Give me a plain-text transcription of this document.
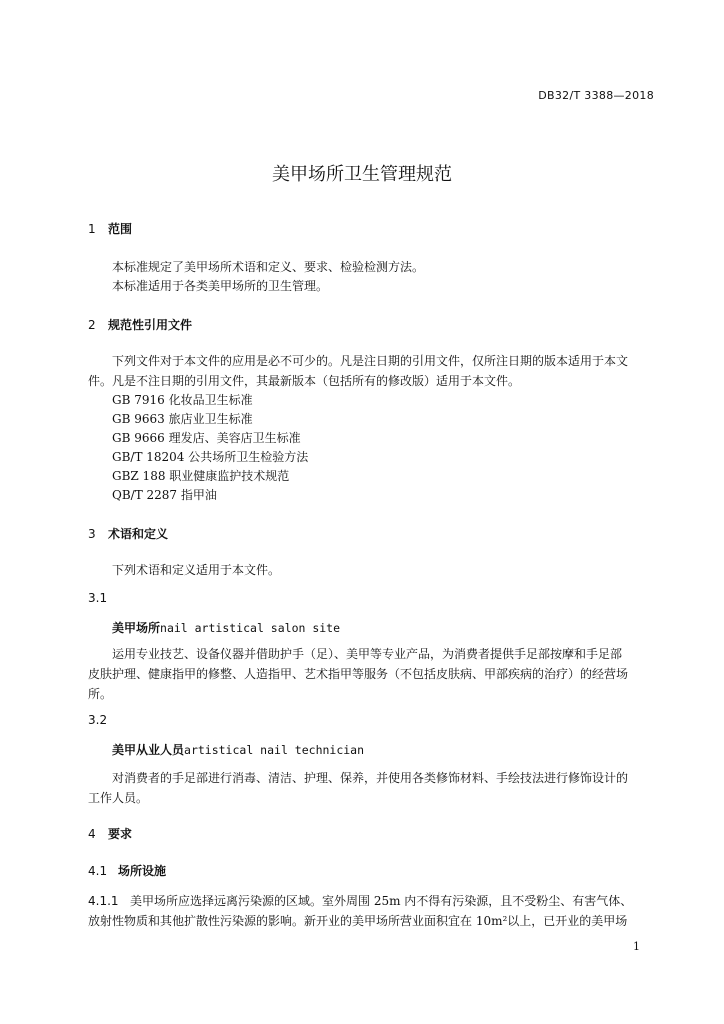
DB32/T 3388—2018
美甲场所卫生管理规范
1 范围
本标准规定了美甲场所术语和定义、要求、检验检测方法。
本标准适用于各类美甲场所的卫生管理。
2 规范性引用文件
下列文件对于本文件的应用是必不可少的。凡是注日期的引用文件，仅所注日期的版本适用于本文
件。凡是不注日期的引用文件，其最新版本（包括所有的修改版）适用于本文件。
GB 7916 化妆品卫生标准
GB 9663 旅店业卫生标准
GB 9666 理发店、美容店卫生标准
GB/T 18204 公共场所卫生检验方法
GBZ 188 职业健康监护技术规范
QB/T 2287 指甲油
3 术语和定义
下列术语和定义适用于本文件。
3.1
美甲场所nail artistical salon site
运用专业技艺、设备仪器并借助护手（足）、美甲等专业产品，为消费者提供手足部按摩和手足部
皮肤护理、健康指甲的修整、人造指甲、艺术指甲等服务（不包括皮肤病、甲部疾病的治疗）的经营场
所。
3.2
美甲从业人员artistical nail technician
对消费者的手足部进行消毒、清洁、护理、保养，并使用各类修饰材料、手绘技法进行修饰设计的
工作人员。
4 要求
4.1 场所设施
4.1.1 美甲场所应选择远离污染源的区域。室外周围 25m 内不得有污染源，且不受粉尘、有害气体、
放射性物质和其他扩散性污染源的影响。新开业的美甲场所营业面积宜在 10m²以上，已开业的美甲场
1
